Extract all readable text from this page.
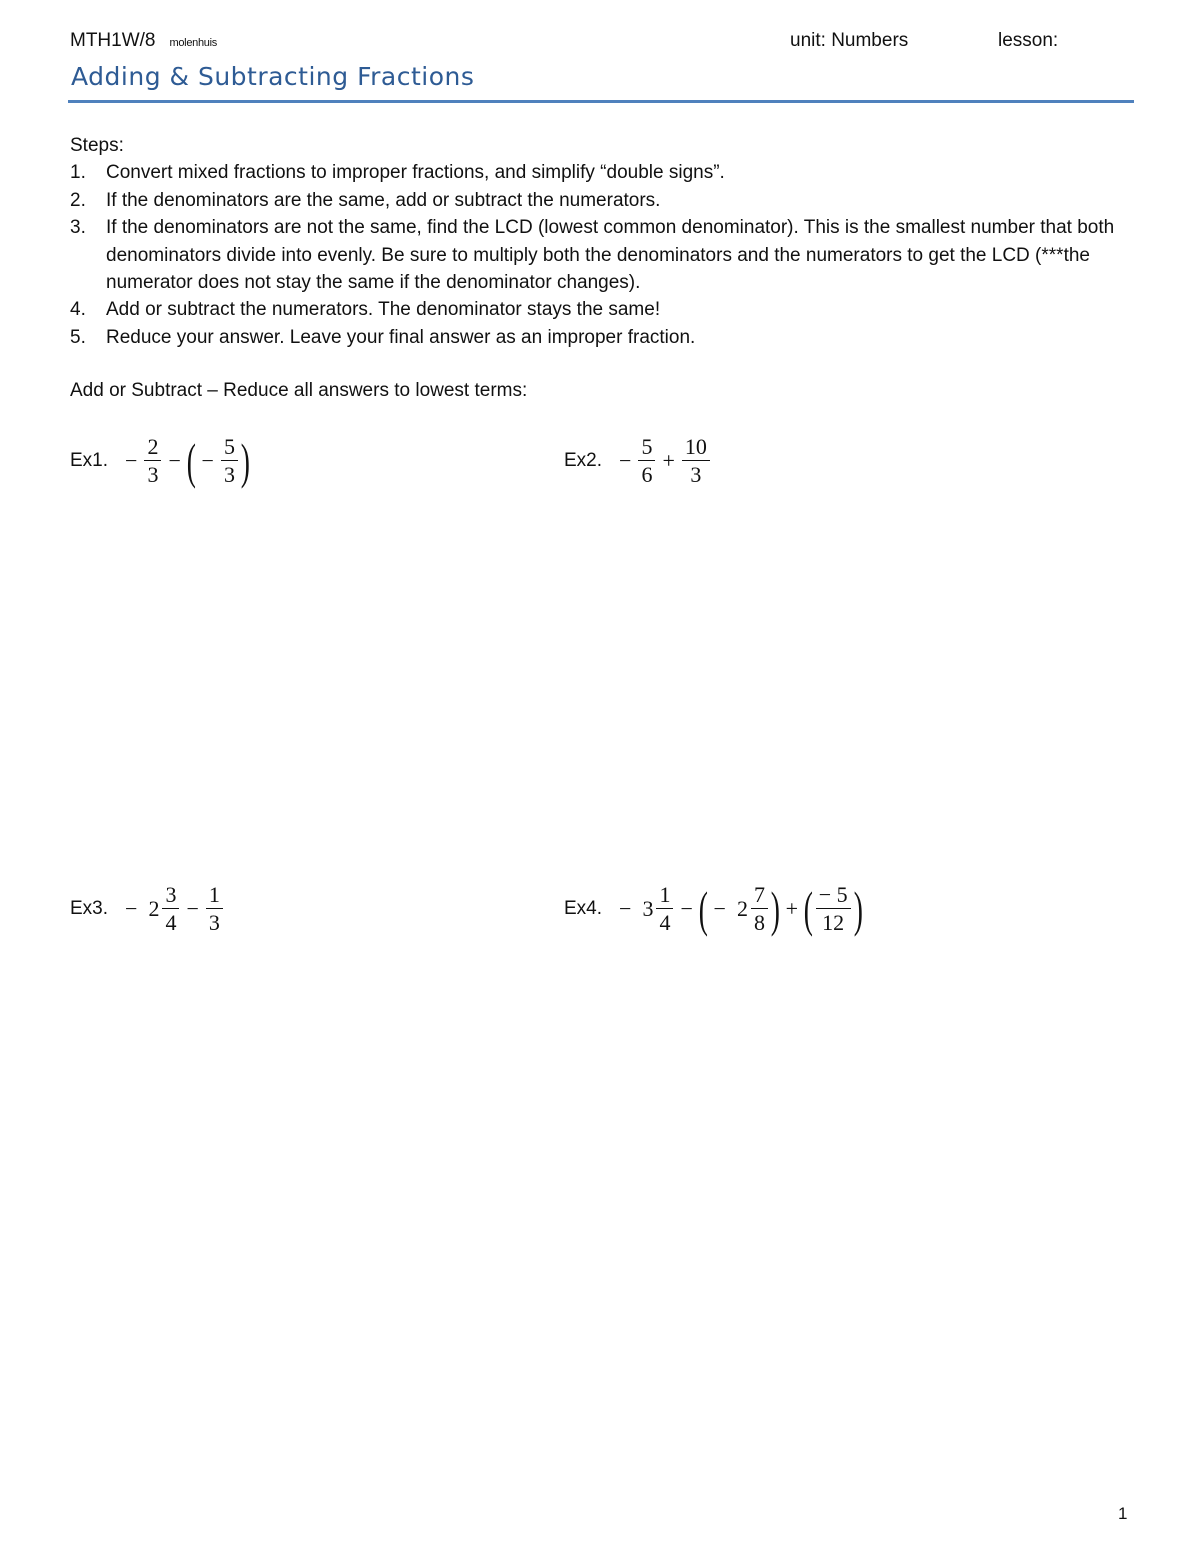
MTH1W/8 molenhuis	unit: Numbers	lesson:
Adding & Subtracting Fractions

Steps:

1. Convert mixed fractions to improper fractions, and simplify “double signs”.
2. If the denominators are the same, add or subtract the numerators.
3. If the denominators are not the same, find the LCD (lowest common denominator). This is the smallest number that both denominators divide into evenly. Be sure to multiply both the denominators and the numerators to get the LCD (***the numerator does not stay the same if the denominator changes).
4. Add or subtract the numerators. The denominator stays the same!
5. Reduce your answer. Leave your final answer as an improper fraction.

Add or Subtract – Reduce all answers to lowest terms:

Ex1. − $\frac{2}{3}$ − ( − $\frac{5}{3}$ )	Ex2. − $\frac{5}{6} + \frac{10}{3}$
Ex3. − $2 \frac{3}{4} - \frac{1}{3}$	Ex4. − $3 \frac{1}{4}$ − ( − $2 \frac{7}{8}$ ) + ( $\frac{- 5}{12}$ )
1
